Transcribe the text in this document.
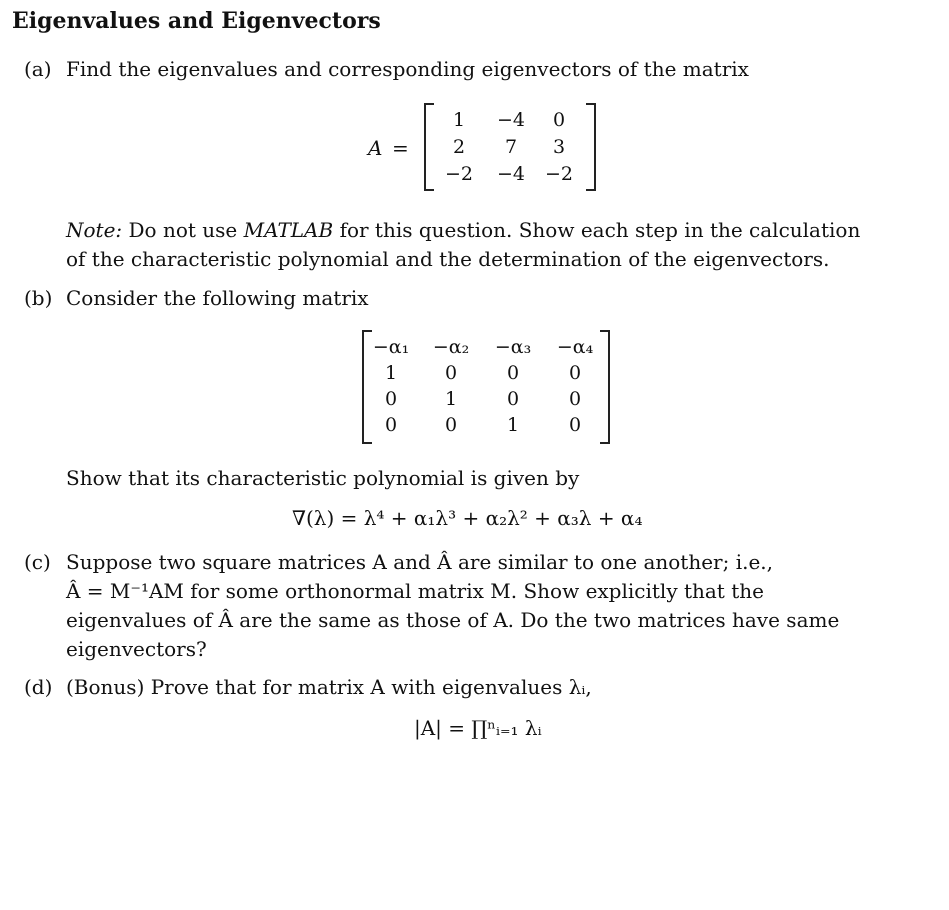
Eigenvalues and Eigenvectors
(a) Find the eigenvalues and corresponding eigenvectors of the matrix
A =
1	−4	0
2	7	3
−2	−4	−2
Note: Do not use MATLAB for this question. Show each step in the calculation
of the characteristic polynomial and the determination of the eigenvectors.
(b) Consider the following matrix
−α₁ −α₂ −α₃ −α₄
1	0	0	0
0	1	0	0
0	0	1	0
Show that its characteristic polynomial is given by
∇(λ) = λ⁴ + α₁λ³ + α₂λ² + α₃λ + α₄
(c) Suppose two square matrices A and Â are similar to one another; i.e.,
Â = M⁻¹AM for some orthonormal matrix M. Show explicitly that the
eigenvalues of Â are the same as those of A. Do the two matrices have same
eigenvectors?
(d) (Bonus) Prove that for matrix A with eigenvalues λᵢ,
|A| = ∏ⁿᵢ₌₁ λᵢ
